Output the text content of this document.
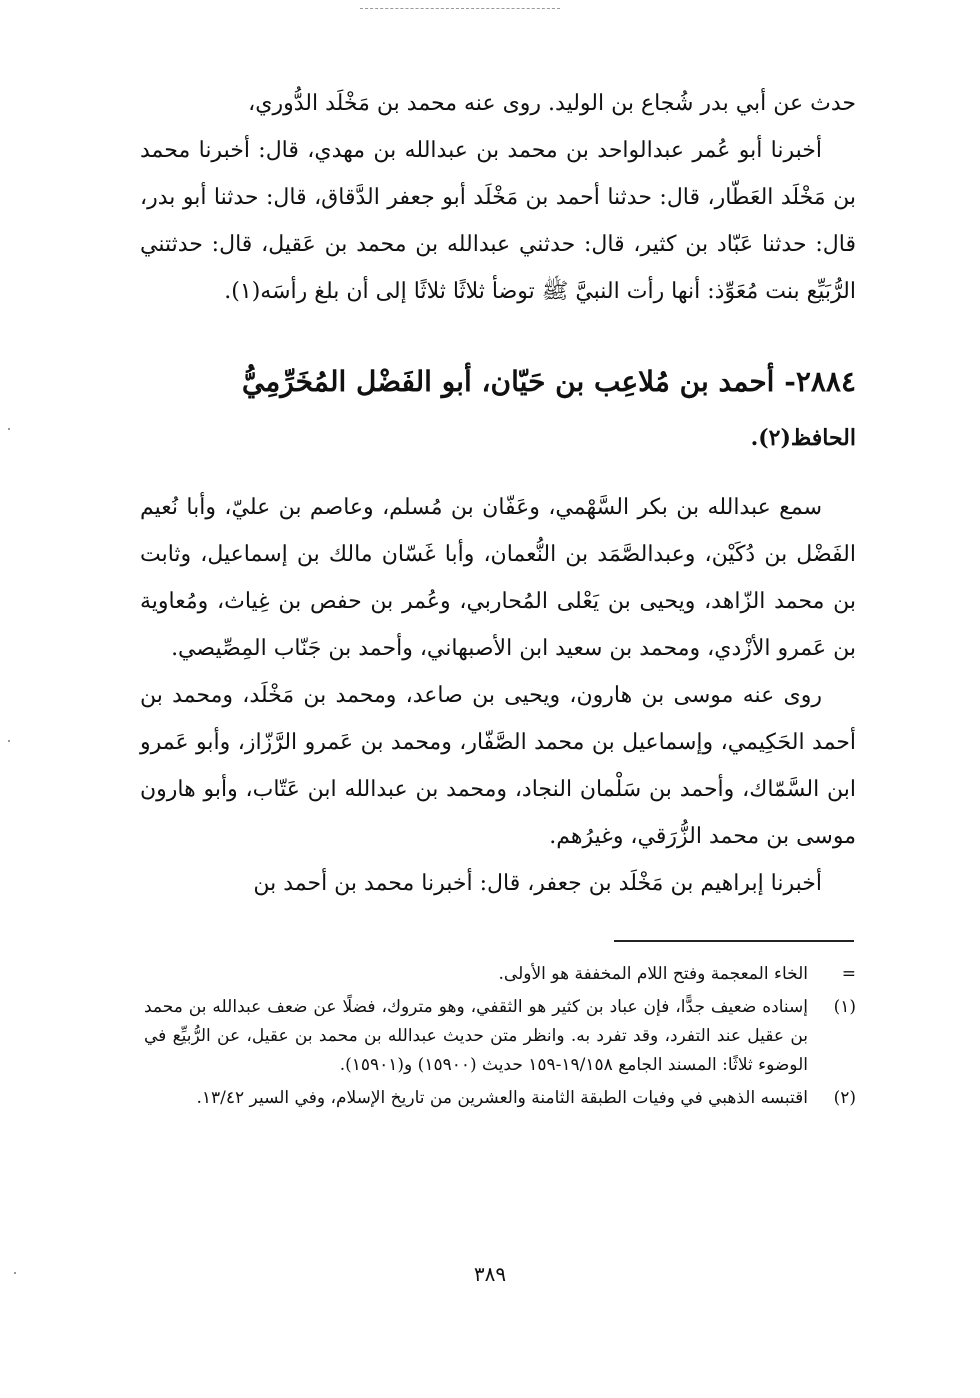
حدث عن أبي بدر شُجاع بن الوليد. روى عنه محمد بن مَخْلَد الدُّوري،

أخبرنا أبو عُمر عبدالواحد بن محمد بن عبدالله بن مهدي، قال: أخبرنا محمد بن مَخْلَد العَطّار، قال: حدثنا أحمد بن مَخْلَد أبو جعفر الدَّقاق، قال: حدثنا أبو بدر، قال: حدثنا عَبّاد بن كثير، قال: حدثني عبدالله بن محمد بن عَقيل، قال: حدثتني الرُّبَيِّع بنت مُعَوِّذ: أنها رأت النبيَّ ﷺ توضأ ثلاثًا ثلاثًا إلى أن بلغ رأسَه(١).

٢٨٨٤- أحمد بن مُلاعِب بن حَيّان، أبو الفَضْل المُخَرِّمِيُّ
الحافظ(٢).

سمع عبدالله بن بكر السَّهْمي، وعَفّان بن مُسلم، وعاصم بن عليّ، وأبا نُعيم الفَضْل بن دُكَيْن، وعبدالصَّمَد بن النُّعمان، وأبا غَسّان مالك بن إسماعيل، وثابت بن محمد الزّاهد، ويحيى بن يَعْلى المُحاربي، وعُمر بن حفص بن غِياث، ومُعاوية بن عَمرو الأزْدي، ومحمد بن سعيد ابن الأصبهاني، وأحمد بن جَنّاب المِصِّيصي.

روى عنه موسى بن هارون، ويحيى بن صاعد، ومحمد بن مَخْلَد، ومحمد بن أحمد الحَكِيمي، وإسماعيل بن محمد الصَّفّار، ومحمد بن عَمرو الرَّزّاز، وأبو عَمرو ابن السَّمّاك، وأحمد بن سَلْمان النجاد، ومحمد بن عبدالله ابن عَتّاب، وأبو هارون موسى بن محمد الزُّرَقي، وغيرُهم.

أخبرنا إبراهيم بن مَخْلَد بن جعفر، قال: أخبرنا محمد بن أحمد بن

=
الخاء المعجمة وفتح اللام المخففة هو الأولى.
(١)
إسناده ضعيف جدًّا، فإن عباد بن كثير هو الثقفي، وهو متروك، فضلًا عن ضعف عبدالله بن محمد بن عقيل عند التفرد، وقد تفرد به. وانظر متن حديث عبدالله بن محمد بن عقيل، عن الرُّبيِّع في الوضوء ثلاثًا: المسند الجامع ١٩/١٥٨-١٥٩ حديث (١٥٩٠٠) و(١٥٩٠١).
(٢)
اقتبسه الذهبي في وفيات الطبقة الثامنة والعشرين من تاريخ الإسلام، وفي السير ١٣/٤٢.
٣٨٩
